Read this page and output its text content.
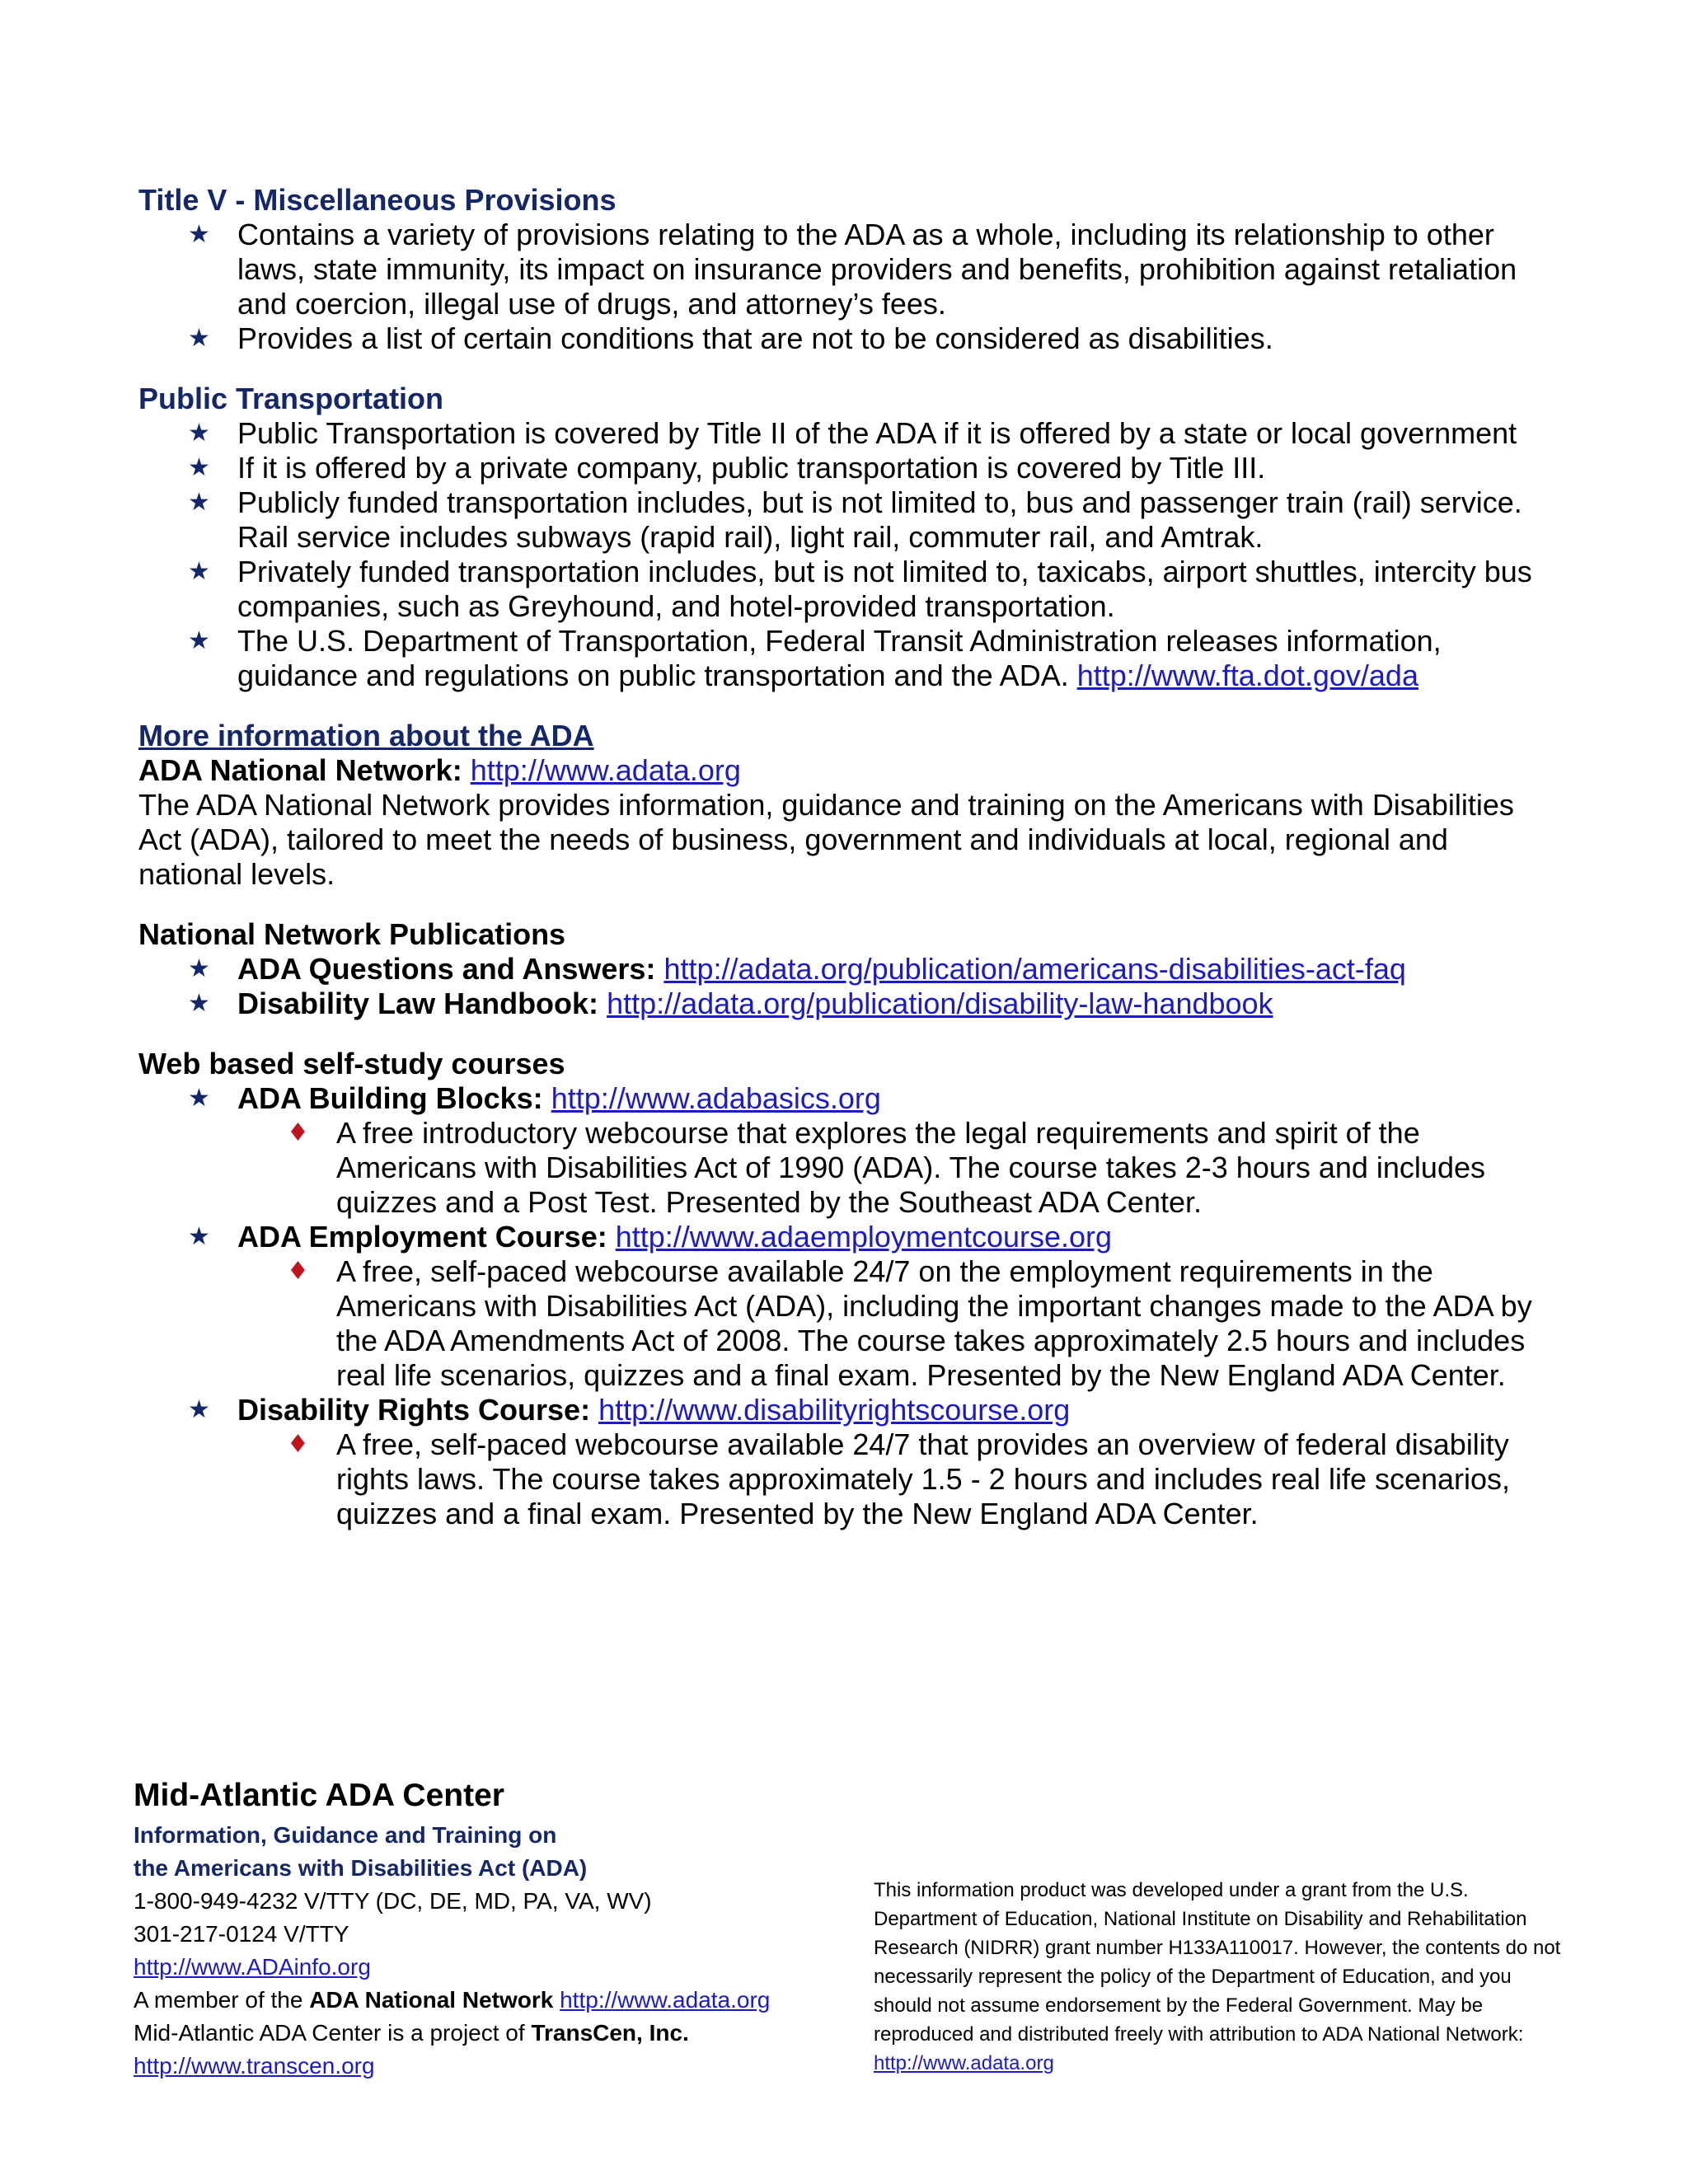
Title V - Miscellaneous Provisions
★ Contains a variety of provisions relating to the ADA as a whole, including its relationship to other laws, state immunity, its impact on insurance providers and benefits, prohibition against retaliation and coercion, illegal use of drugs, and attorney’s fees.
★ Provides a list of certain conditions that are not to be considered as disabilities.
Public Transportation
★ Public Transportation is covered by Title II of the ADA if it is offered by a state or local government
★ If it is offered by a private company, public transportation is covered by Title III.
★ Publicly funded transportation includes, but is not limited to, bus and passenger train (rail) service. Rail service includes subways (rapid rail), light rail, commuter rail, and Amtrak.
★ Privately funded transportation includes, but is not limited to, taxicabs, airport shuttles, intercity bus companies, such as Greyhound, and hotel-provided transportation.
★ The U.S. Department of Transportation, Federal Transit Administration releases information, guidance and regulations on public transportation and the ADA. http://www.fta.dot.gov/ada
More information about the ADA

ADA National Network: http://www.adata.org

The ADA National Network provides information, guidance and training on the Americans with Disabilities Act (ADA), tailored to meet the needs of business, government and individuals at local, regional and national levels.

National Network Publications

★ ADA Questions and Answers: http://adata.org/publication/americans-disabilities-act-faq
★ Disability Law Handbook: http://adata.org/publication/disability-law-handbook

Web based self-study courses

★ ADA Building Blocks: http://www.adabasics.org
♦ A free introductory webcourse that explores the legal requirements and spirit of the Americans with Disabilities Act of 1990 (ADA). The course takes 2-3 hours and includes quizzes and a Post Test. Presented by the Southeast ADA Center.
★ ADA Employment Course: http://www.adaemploymentcourse.org
♦ A free, self-paced webcourse available 24/7 on the employment requirements in the Americans with Disabilities Act (ADA), including the important changes made to the ADA by the ADA Amendments Act of 2008. The course takes approximately 2.5 hours and includes real life scenarios, quizzes and a final exam. Presented by the New England ADA Center.
★ Disability Rights Course: http://www.disabilityrightscourse.org
♦ A free, self-paced webcourse available 24/7 that provides an overview of federal disability rights laws. The course takes approximately 1.5 - 2 hours and includes real life scenarios, quizzes and a final exam. Presented by the New England ADA Center.

Mid-Atlantic ADA Center

Information, Guidance and Training on

the Americans with Disabilities Act (ADA)

1-800-949-4232 V/TTY (DC, DE, MD, PA, VA, WV)

301-217-0124 V/TTY

http://www.ADAinfo.org

A member of the ADA National Network http://www.adata.org

Mid-Atlantic ADA Center is a project of TransCen, Inc.

http://www.transcen.org

This information product was developed under a grant from the U.S. Department of Education, National Institute on Disability and Rehabilitation Research (NIDRR) grant number H133A110017. However, the contents do not necessarily represent the policy of the Department of Education, and you should not assume endorsement by the Federal Government. May be reproduced and distributed freely with attribution to ADA National Network:

http://www.adata.org
